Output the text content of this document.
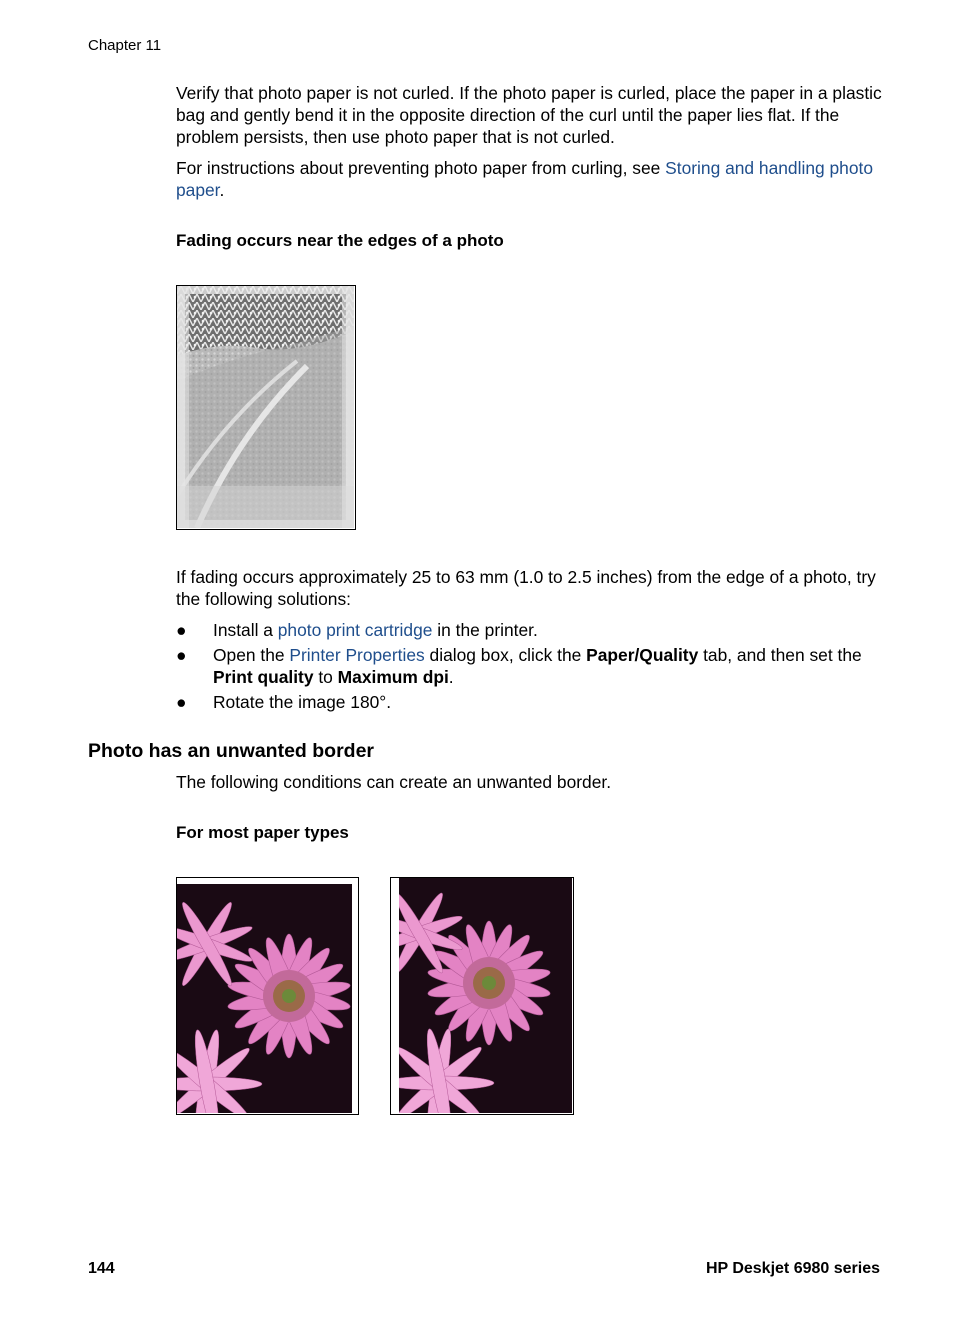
Chapter 11

Verify that photo paper is not curled. If the photo paper is curled, place the paper in a plastic bag and gently bend it in the opposite direction of the curl until the paper lies flat. If the problem persists, then use photo paper that is not curled.

For instructions about preventing photo paper from curling, see Storing and handling photo paper.

Fading occurs near the edges of a photo
If fading occurs approximately 25 to 63 mm (1.0 to 2.5 inches) from the edge of a photo, try the following solutions:
● Install a photo print cartridge in the printer.
● Open the Printer Properties dialog box, click the Paper/Quality tab, and then set the Print quality to Maximum dpi.
● Rotate the image 180°.
Photo has an unwanted border
The following conditions can create an unwanted border.
For most paper types
144	HP Deskjet 6980 series
